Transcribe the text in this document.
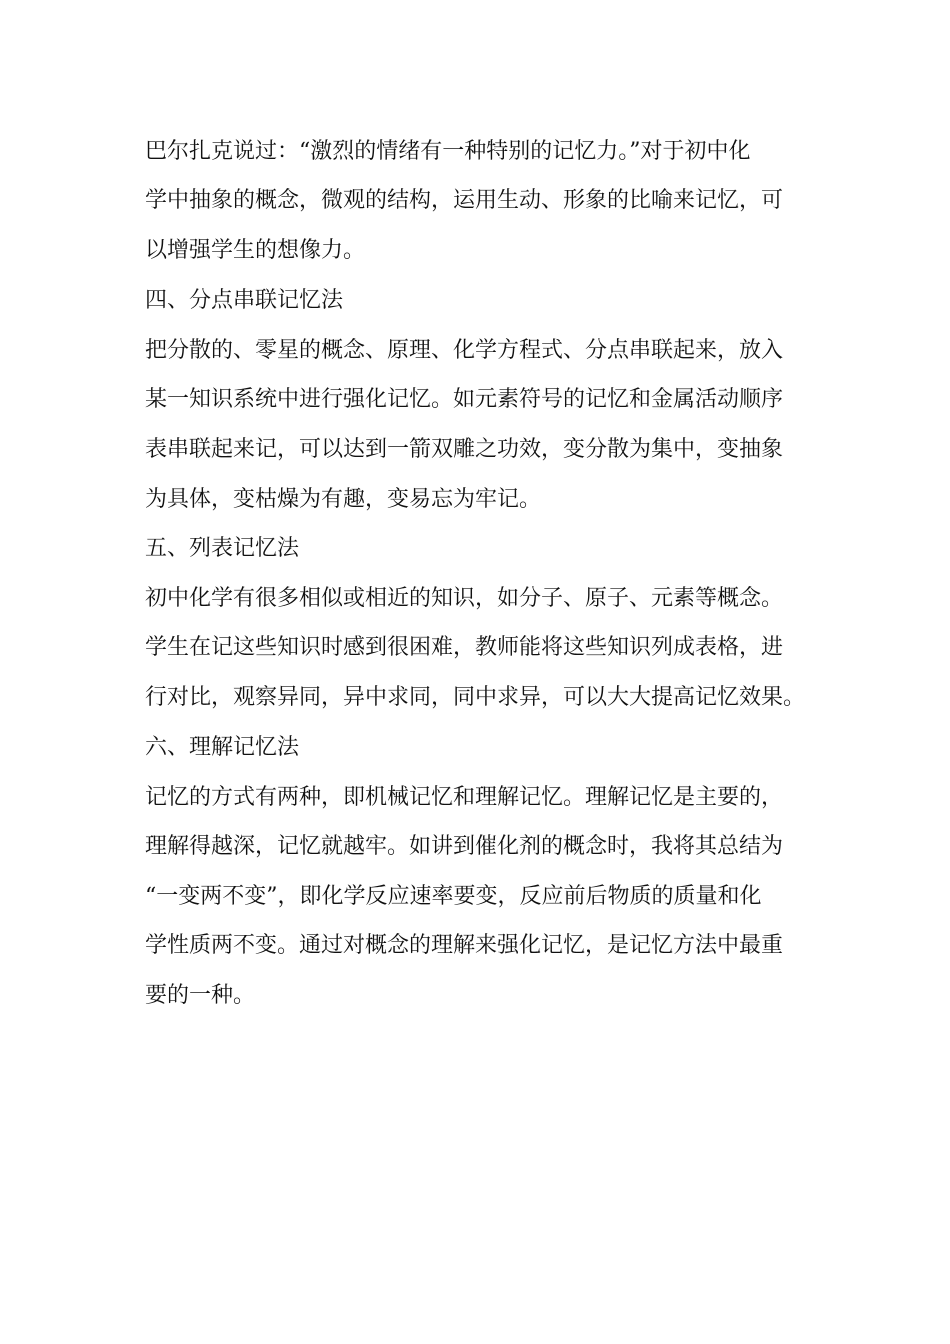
巴尔扎克说过：“激烈的情绪有一种特别的记忆力。”对于初中化

学中抽象的概念，微观的结构，运用生动、形象的比喻来记忆，可

以增强学生的想像力。

四、分点串联记忆法

把分散的、零星的概念、原理、化学方程式、分点串联起来，放入

某一知识系统中进行强化记忆。如元素符号的记忆和金属活动顺序

表串联起来记，可以达到一箭双雕之功效，变分散为集中，变抽象

为具体，变枯燥为有趣，变易忘为牢记。

五、列表记忆法

初中化学有很多相似或相近的知识，如分子、原子、元素等概念。

学生在记这些知识时感到很困难，教师能将这些知识列成表格，进

行对比，观察异同，异中求同，同中求异，可以大大提高记忆效果。

六、理解记忆法

记忆的方式有两种，即机械记忆和理解记忆。理解记忆是主要的，

理解得越深，记忆就越牢。如讲到催化剂的概念时，我将其总结为

“一变两不变”，即化学反应速率要变，反应前后物质的质量和化

学性质两不变。通过对概念的理解来强化记忆，是记忆方法中最重

要的一种。
